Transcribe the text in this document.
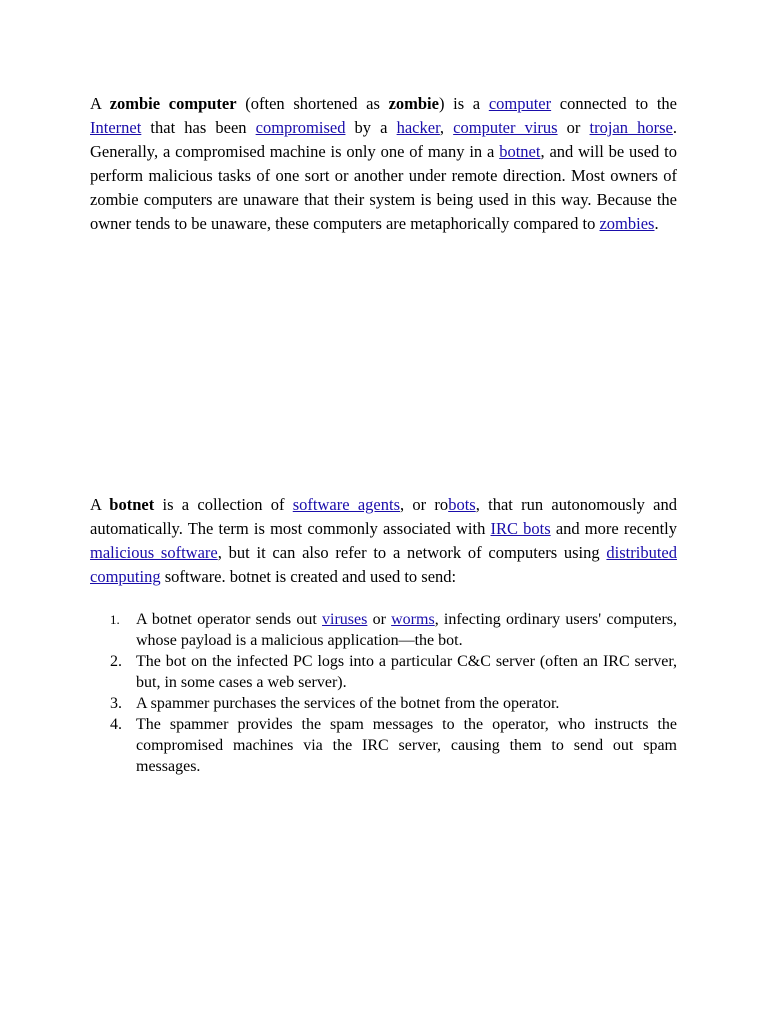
A zombie computer (often shortened as zombie) is a computer connected to the Internet that has been compromised by a hacker, computer virus or trojan horse. Generally, a compromised machine is only one of many in a botnet, and will be used to perform malicious tasks of one sort or another under remote direction. Most owners of zombie computers are unaware that their system is being used in this way. Because the owner tends to be unaware, these computers are metaphorically compared to zombies.

A botnet is a collection of software agents, or robots, that run autonomously and automatically. The term is most commonly associated with IRC bots and more recently malicious software, but it can also refer to a network of computers using distributed computing software. botnet is created and used to send:

1. A botnet operator sends out viruses or worms, infecting ordinary users' computers, whose payload is a malicious application—the bot.
2. The bot on the infected PC logs into a particular C&C server (often an IRC server, but, in some cases a web server).
3. A spammer purchases the services of the botnet from the operator.
4. The spammer provides the spam messages to the operator, who instructs the compromised machines via the IRC server, causing them to send out spam messages.
